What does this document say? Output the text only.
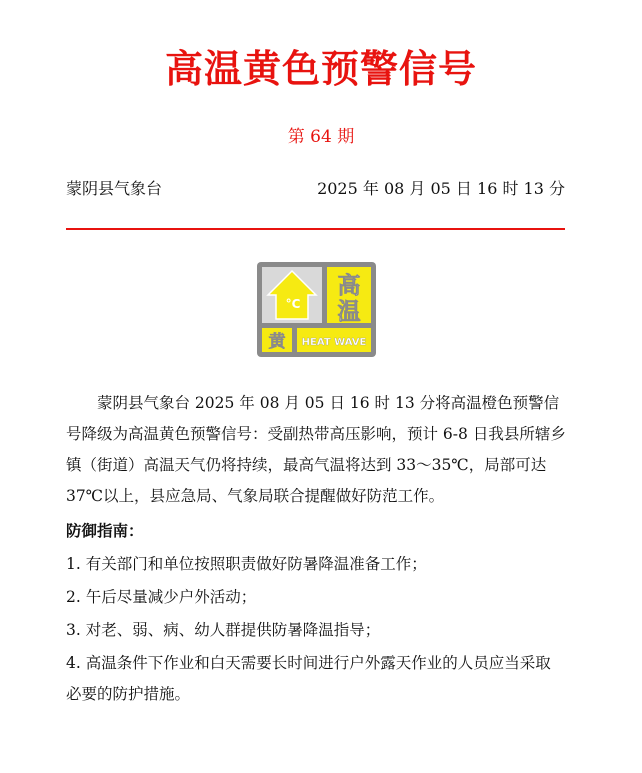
高温黄色预警信号
第 64 期
蒙阴县气象台	2025 年 08 月 05 日 16 时 13 分
°C
高
温
黄 HEAT WAVE

蒙阴县气象台 2025 年 08 月 05 日 16 时 13 分将高温橙色预警信号降级为高温黄色预警信号：受副热带高压影响，预计 6-8 日我县所辖乡镇（街道）高温天气仍将持续，最高气温将达到 33～35℃，局部可达 37℃以上，县应急局、气象局联合提醒做好防范工作。

防御指南：

1. 有关部门和单位按照职责做好防暑降温准备工作；

2. 午后尽量减少户外活动；

3. 对老、弱、病、幼人群提供防暑降温指导；

4. 高温条件下作业和白天需要长时间进行户外露天作业的人员应当采取必要的防护措施。
